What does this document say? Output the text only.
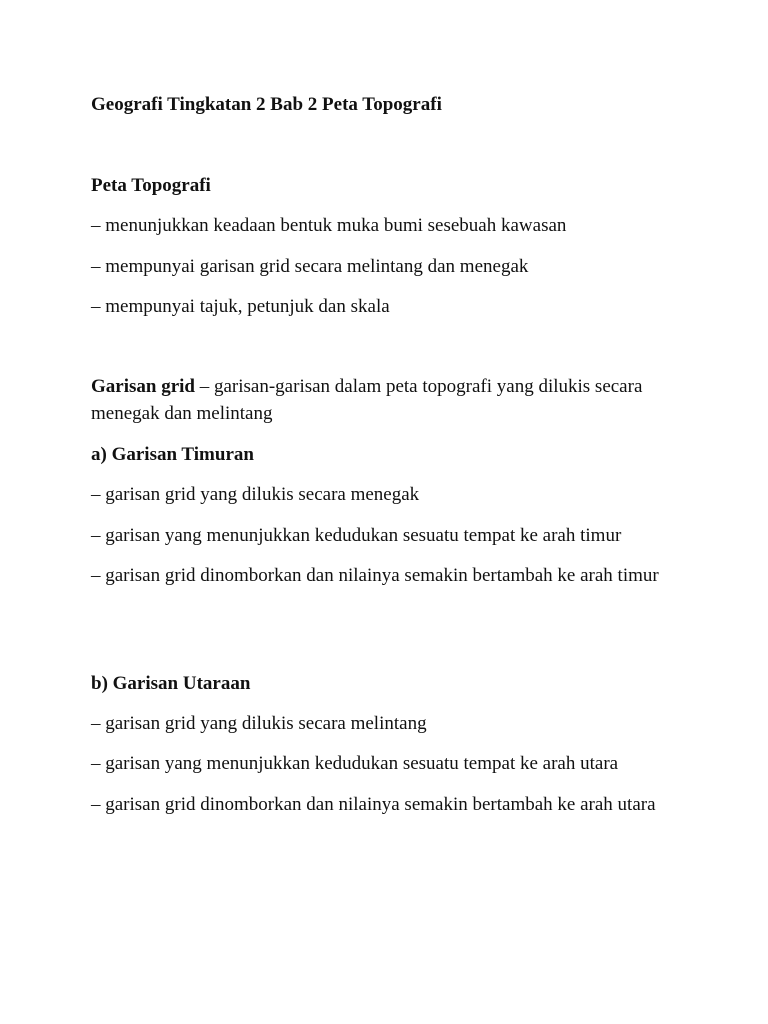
Geografi Tingkatan 2 Bab 2 Peta Topografi
Peta Topografi
– menunjukkan keadaan bentuk muka bumi sesebuah kawasan
– mempunyai garisan grid secara melintang dan menegak
– mempunyai tajuk, petunjuk dan skala
Garisan grid – garisan-garisan dalam peta topografi yang dilukis secara menegak dan melintang
a) Garisan Timuran
– garisan grid yang dilukis secara menegak
– garisan yang menunjukkan kedudukan sesuatu tempat ke arah timur
– garisan grid dinomborkan dan nilainya semakin bertambah ke arah timur
b) Garisan Utaraan
– garisan grid yang dilukis secara melintang
– garisan yang menunjukkan kedudukan sesuatu tempat ke arah utara
– garisan grid dinomborkan dan nilainya semakin bertambah ke arah utara
